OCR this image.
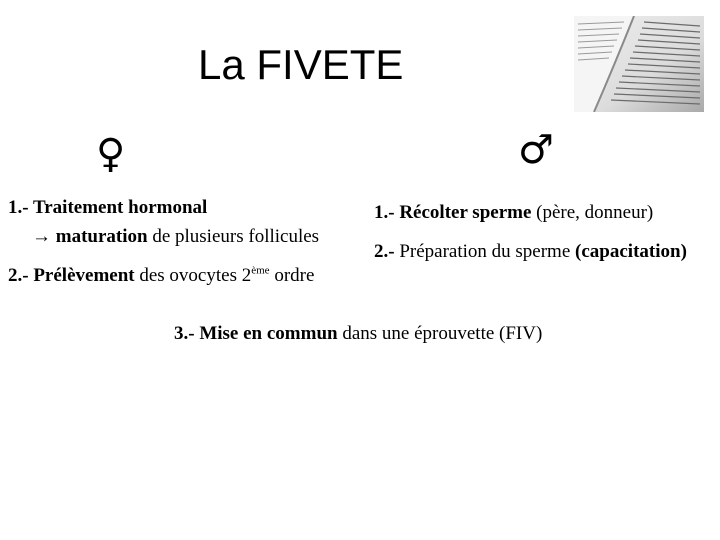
La FIVETE
♀	♂
1.- Traitement hormonal
→ maturation de plusieurs follicules
2.- Prélèvement des ovocytes 2ème ordre
1.- Récolter sperme (père, donneur)
2.- Préparation du sperme (capacitation)
3.- Mise en commun dans une éprouvette (FIV)
